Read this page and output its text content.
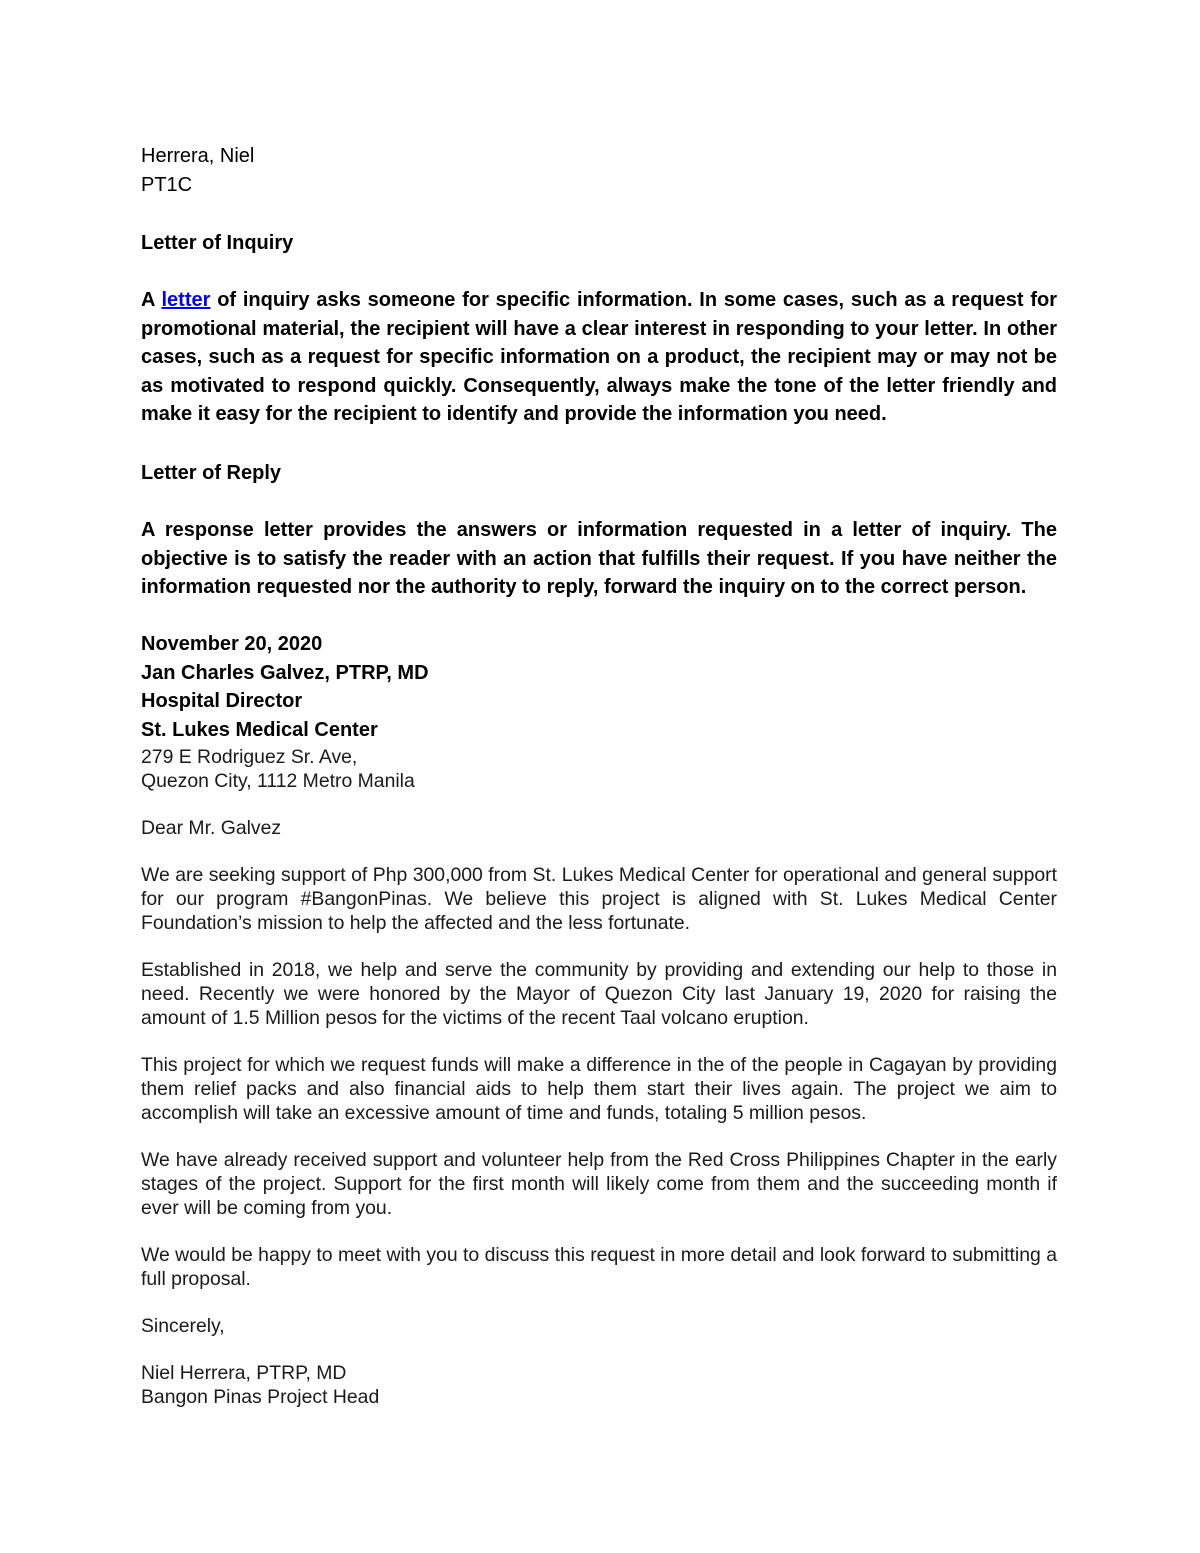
Herrera, Niel
PT1C
Letter of Inquiry

A letter of inquiry asks someone for specific information. In some cases, such as a request for promotional material, the recipient will have a clear interest in responding to your letter. In other cases, such as a request for specific information on a product, the recipient may or may not be as motivated to respond quickly. Consequently, always make the tone of the letter friendly and make it easy for the recipient to identify and provide the information you need.

Letter of Reply

A response letter provides the answers or information requested in a letter of inquiry. The objective is to satisfy the reader with an action that fulfills their request. If you have neither the information requested nor the authority to reply, forward the inquiry on to the correct person.

November 20, 2020
Jan Charles Galvez, PTRP, MD
Hospital Director
St. Lukes Medical Center
279 E Rodriguez Sr. Ave,
Quezon City, 1112 Metro Manila
Dear Mr. Galvez

We are seeking support of Php 300,000 from St. Lukes Medical Center for operational and general support for our program #BangonPinas. We believe this project is aligned with St. Lukes Medical Center Foundation’s mission to help the affected and the less fortunate.

Established in 2018, we help and serve the community by providing and extending our help to those in need. Recently we were honored by the Mayor of Quezon City last January 19, 2020 for raising the amount of 1.5 Million pesos for the victims of the recent Taal volcano eruption.

This project for which we request funds will make a difference in the of the people in Cagayan by providing them relief packs and also financial aids to help them start their lives again. The project we aim to accomplish will take an excessive amount of time and funds, totaling 5 million pesos.

We have already received support and volunteer help from the Red Cross Philippines Chapter in the early stages of the project. Support for the first month will likely come from them and the succeeding month if ever will be coming from you.

We would be happy to meet with you to discuss this request in more detail and look forward to submitting a full proposal.

Sincerely,
Niel Herrera, PTRP, MD
Bangon Pinas Project Head
